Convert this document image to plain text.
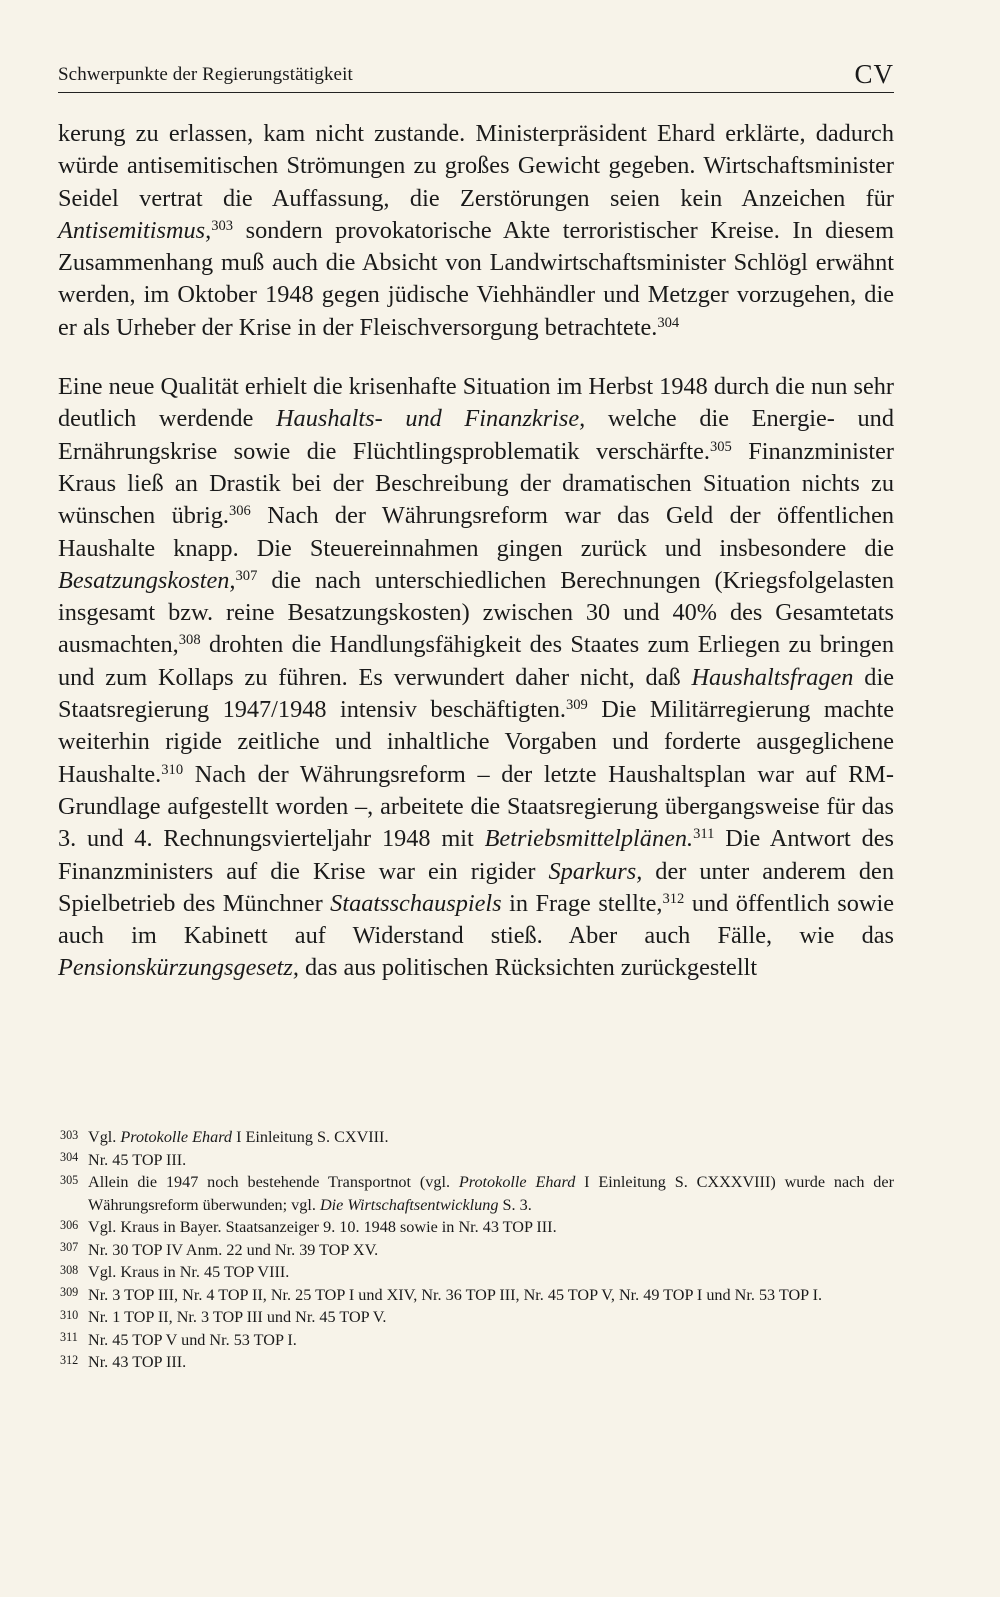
Schwerpunkte der Regierungstätigkeit	CV

kerung zu erlassen, kam nicht zustande. Ministerpräsident Ehard erklärte, dadurch würde antisemitischen Strömungen zu großes Gewicht gegeben. Wirtschaftsminister Seidel vertrat die Auffassung, die Zerstörungen seien kein Anzeichen für Antisemitismus,$^{303}$ sondern provokatorische Akte terroristischer Kreise. In diesem Zusammenhang muß auch die Absicht von Landwirtschaftsminister Schlögl erwähnt werden, im Oktober 1948 gegen jüdische Viehhändler und Metzger vorzugehen, die er als Urheber der Krise in der Fleischversorgung betrachtete.$^{304}$

Eine neue Qualität erhielt die krisenhafte Situation im Herbst 1948 durch die nun sehr deutlich werdende Haushalts- und Finanzkrise, welche die Energie- und Ernährungskrise sowie die Flüchtlingsproblematik verschärfte.$^{305}$ Finanzminister Kraus ließ an Drastik bei der Beschreibung der dramatischen Situation nichts zu wünschen übrig.$^{306}$ Nach der Währungsreform war das Geld der öffentlichen Haushalte knapp. Die Steuereinnahmen gingen zurück und insbesondere die Besatzungskosten,$^{307}$ die nach unterschiedlichen Berechnungen (Kriegsfolgelasten insgesamt bzw. reine Besatzungskosten) zwischen 30 und 40% des Gesamtetats ausmachten,$^{308}$ drohten die Handlungsfähigkeit des Staates zum Erliegen zu bringen und zum Kollaps zu führen. Es verwundert daher nicht, daß Haushaltsfragen die Staatsregierung 1947/1948 intensiv beschäftigten.$^{309}$ Die Militärregierung machte weiterhin rigide zeitliche und inhaltliche Vorgaben und forderte ausgeglichene Haushalte.$^{310}$ Nach der Währungsreform – der letzte Haushaltsplan war auf RM-Grundlage aufgestellt worden –, arbeitete die Staatsregierung übergangsweise für das 3. und 4. Rechnungsvierteljahr 1948 mit Betriebsmittelplänen.$^{311}$ Die Antwort des Finanzministers auf die Krise war ein rigider Sparkurs, der unter anderem den Spielbetrieb des Münchner Staatsschauspiels in Frage stellte,$^{312}$ und öffentlich sowie auch im Kabinett auf Widerstand stieß. Aber auch Fälle, wie das Pensionskürzungsgesetz, das aus politischen Rücksichten zurückgestellt

$^{303}$ Vgl. Protokolle Ehard I Einleitung S. CXVIII.

$^{304}$ Nr. 45 TOP III.

$^{305}$ Allein die 1947 noch bestehende Transportnot (vgl. Protokolle Ehard I Einleitung S. CXXXVIII) wurde nach der Währungsreform überwunden; vgl. Die Wirtschaftsentwicklung S. 3.

$^{306}$ Vgl. Kraus in Bayer. Staatsanzeiger 9. 10. 1948 sowie in Nr. 43 TOP III.

$^{307}$ Nr. 30 TOP IV Anm. 22 und Nr. 39 TOP XV.

$^{308}$ Vgl. Kraus in Nr. 45 TOP VIII.

$^{309}$ Nr. 3 TOP III, Nr. 4 TOP II, Nr. 25 TOP I und XIV, Nr. 36 TOP III, Nr. 45 TOP V, Nr. 49 TOP I und Nr. 53 TOP I.

$^{310}$ Nr. 1 TOP II, Nr. 3 TOP III und Nr. 45 TOP V.

$^{311}$ Nr. 45 TOP V und Nr. 53 TOP I.

$^{312}$ Nr. 43 TOP III.
